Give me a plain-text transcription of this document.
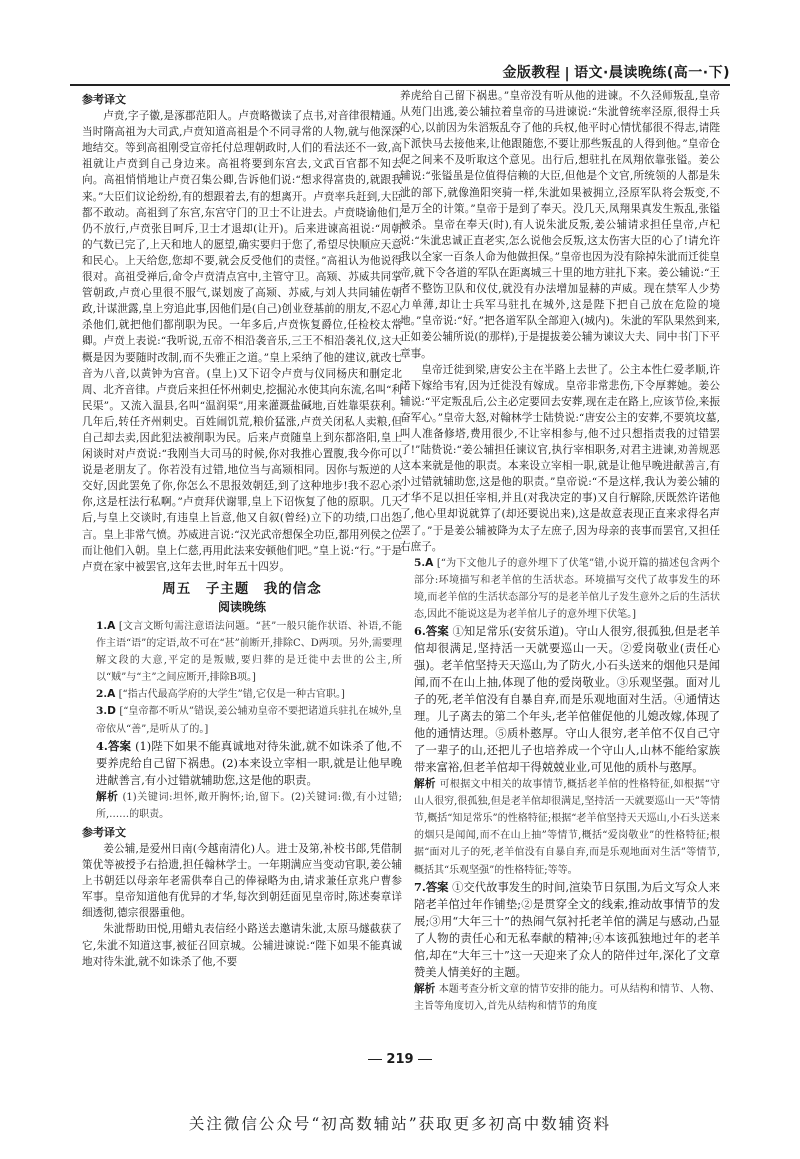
金版教程 | 语文·晨读晚练(高一·下)
参考译文

卢贲,字子徽,是涿郡范阳人。卢贲略微读了点书,对音律很精通。当时隋高祖为大司武,卢贲知道高祖是个不同寻常的人物,就与他深深地结交。等到高祖刚受宣帝托付总理朝政时,人们的看法还不一致,高祖就让卢贲到自己身边来。高祖将要到东宫去,文武百官都不知去向。高祖悄悄地让卢贲召集公卿,告诉他们说:“想求得富贵的,就跟我来。”大臣们议论纷纷,有的想跟着去,有的想离开。卢贲率兵赶到,大臣都不敢动。高祖到了东宫,东宫守门的卫士不让进去。卢贲晓谕他们,仍不放行,卢贲张目呵斥,卫士才退却(让开)。后来进谏高祖说:“周朝的气数已完了,上天和地人的愿望,确实要归于您了,希望尽快顺应天意和民心。上天给您,您却不要,就会反受他们的责怪。”高祖认为他说得很对。高祖受禅后,命令卢贲清点宫中,主管守卫。高颎、苏威共同掌管朝政,卢贲心里很不服气,谋划废了高颎、苏威,与刘人共同辅佐朝政,计谋泄露,皇上穷追此事,因他们是(自己)创业登基前的朋友,不忍心杀他们,就把他们都削职为民。一年多后,卢贲恢复爵位,任检校太常卿。卢贲上表说:“我听说,五帝不相沿袭音乐,三王不相沿袭礼仪,这大概是因为要随时改制,而不失雅正之道。”皇上采纳了他的建议,就改七音为八音,以黄钟为宫音。(皇上)又下诏令卢贲与仪同杨庆和删定北周、北齐音律。卢贲后来担任怀州刺史,挖掘沁水使其向东流,名叫“利民渠”。又流入温县,名叫“温润渠”,用来灌溉盐碱地,百姓靠渠获利。几年后,转任齐州刺史。百姓闹饥荒,粮价猛涨,卢贲关闭私人卖粮,但自己却去卖,因此犯法被削职为民。后来卢贲随皇上到东都洛阳,皇上闲谈时对卢贲说:“我刚当大司马的时候,你对我推心置腹,我今你可以说是老朋友了。你若没有过错,地位当与高颎相同。因你与叛逆的人交好,因此罢免了你,你怎么不思报效朝廷,到了这种地步!我不忍心杀你,这是枉法行私啊。”卢贲拜伏谢罪,皇上下诏恢复了他的原职。几天后,与皇上交谈时,有违皇上旨意,他又自叙(曾经)立下的功绩,口出怨言。皇上非常气愤。苏威进言说:“汉光武帝想保全功臣,都用列侯之位而让他们入朝。皇上仁慈,再用此法来安顿他们吧。”皇上说:“行。”于是卢贲在家中被罢官,这年去世,时年五十四岁。

周五　子主题　我的信念
阅读晚练

1.A [文言文断句需注意语法问题。“甚”一般只能作状语、补语,不能作主语“语”的定语,故不可在“甚”前断开,排除C、D两项。另外,需要理解文段的大意,平定的是叛贼,要归葬的是迁徙中去世的公主,所以“贼”与“主”之间应断开,排除B项。]

2.A [“指古代最高学府的大学生”错,它仅是一种古官职。]

3.D [“皇帝都不听从”错误,姜公辅劝皇帝不要把诸道兵驻扎在城外,皇帝依从“善”,是听从了的。]

4.答案 (1)陛下如果不能真诚地对待朱泚,就不如诛杀了他,不要养虎给自己留下祸患。(2)本来设立宰相一职,就是让他早晚进献善言,有小过错就辅助您,这是他的职责。

解析 (1)关键词:坦怀,敞开胸怀;诒,留下。(2)关键词:微,有小过错;所,……的职责。

参考译文

姜公辅,是爱州日南(今越南清化)人。进士及第,补校书郎,凭借制策优等被授予右拾遗,担任翰林学士。一年期满应当变动官职,姜公辅上书朝廷以母亲年老需供奉自己的俸禄略为由,请求兼任京兆户曹参军事。皇帝知道他有优异的才华,每次到朝廷面见皇帝时,陈述奏章详细透彻,德宗很器重他。

朱泚帮助田悦,用蜡丸表信经小路送去邀请朱泚,太原马燧截获了它,朱泚不知道这事,被征召回京城。公辅进谏说:“陛下如果不能真诚地对待朱泚,就不如诛杀了他,不要

养虎给自己留下祸患。”皇帝没有听从他的进谏。不久泾师叛乱,皇帝从苑门出逃,姜公辅拉着皇帝的马进谏说:“朱泚曾统率泾原,很得士兵的心,以前因为朱滔叛乱夺了他的兵权,他平时心情忧郁很不得志,请陛下派快马去接他来,让他跟随您,不要让那些叛乱的人得到他。”皇帝仓促之间来不及听取这个意见。出行后,想驻扎在凤翔依靠张镒。姜公辅说:“张镒虽是位值得信赖的大臣,但他是个文官,所统领的人都是朱泚的部下,就像渔阳突骑一样,朱泚如果被拥立,泾原军队将会叛变,不是万全的计策。”皇帝于是到了奉天。没几天,凤翔果真发生叛乱,张镒被杀。皇帝在奉天(时),有人说朱泚反叛,姜公辅请求担任皇帝,卢杞说:“朱泚忠诚正直老实,怎么说他会反叛,这太伤害大臣的心了!请允许我以全家一百条人命为他做担保。”皇帝也因为没有除掉朱泚而迁徙皇帝,就下令各道的军队在距离城三十里的地方驻扎下来。姜公辅说:“王者不整饬卫队和仪仗,就没有办法增加显赫的声威。现在禁军人少势力单薄,却让士兵军马驻扎在城外,这是陛下把自己放在危险的境地。”皇帝说:“好。”把各道军队全部迎入(城内)。朱泚的军队果然到来,正如姜公辅所说(的那样),于是提拔姜公辅为谏议大夫、同中书门下平章事。

皇帝迁徙到梁,唐安公主在半路上去世了。公主本性仁爱孝顺,许诺下嫁给韦宥,因为迁徙没有嫁成。皇帝非常悲伤,下令厚葬她。姜公辅说:“平定叛乱后,公主必定要回去安葬,现在走在路上,应该节俭,来振奋军心。”皇帝大怒,对翰林学士陆贽说:“唐安公主的安葬,不要筑坟墓,叫人准备修塔,费用很少,不让宰相参与,他不过只想指责我的过错罢了!”陆贽说:“姜公辅担任谏议官,执行宰相职务,对君主进谏,劝善规恶这本来就是他的职责。本来设立宰相一职,就是让他早晚进献善言,有小过错就辅助您,这是他的职责。”皇帝说:“不是这样,我认为姜公辅的才华不足以担任宰相,并且(对我决定的事)又自行解除,厌既然许诺他了,他心里却说就算了(却还要说出来),这是故意表现正直来求得名声罢了。”于是姜公辅被降为太子左庶子,因为母亲的丧事而罢官,又担任右庶子。

5.A [“为下文他儿子的意外埋下了伏笔”错,小说开篇的描述包含两个部分:环境描写和老羊倌的生活状态。环境描写交代了故事发生的环境,而老羊倌的生活状态部分写的是老羊倌儿子发生意外之后的生活状态,因此不能说这是为老羊倌儿子的意外埋下伏笔。]

6.答案 ①知足常乐(安贫乐道)。守山人很穷,很孤独,但是老羊倌却很满足,坚持活一天就要巡山一天。②爱岗敬业(责任心强)。老羊倌坚持天天巡山,为了防火,小石头送来的烟他只是闻闻,而不在山上抽,体现了他的爱岗敬业。③乐观坚强。面对儿子的死,老羊倌没有自暴自弃,而是乐观地面对生活。④通情达理。儿子离去的第二个年头,老羊倌催促他的儿媳改嫁,体现了他的通情达理。⑤质朴憨厚。守山人很穷,老羊倌不仅自己守了一辈子的山,还把儿子也培养成一个守山人,山林不能给家族带来富裕,但老羊倌却干得兢兢业业,可见他的质朴与憨厚。

解析 可根据文中相关的故事情节,概括老羊倌的性格特征,如根据“守山人很穷,很孤独,但是老羊倌却很满足,坚持活一天就要巡山一天”等情节,概括“知足常乐”的性格特征;根据“老羊倌坚持天天巡山,小石头送来的烟只是闻闻,而不在山上抽”等情节,概括“爱岗敬业”的性格特征;根据“面对儿子的死,老羊倌没有自暴自弃,而是乐观地面对生活”等情节,概括其“乐观坚强”的性格特征;等等。

7.答案 ①交代故事发生的时间,渲染节日氛围,为后文写众人来陪老羊倌过年作铺垫;②是贯穿全文的线索,推动故事情节的发展;③用“大年三十”的热闹气氛衬托老羊倌的满足与感动,凸显了人物的责任心和无私奉献的精神;④本该孤独地过年的老羊倌,却在“大年三十”这一天迎来了众人的陪伴过年,深化了文章赞美人情美好的主题。

解析 本题考查分析文章的情节安排的能力。可从结构和情节、人物、主旨等角度切入,首先从结构和情节的角度

219
关注微信公众号“初高数辅站”获取更多初高中数辅资料
